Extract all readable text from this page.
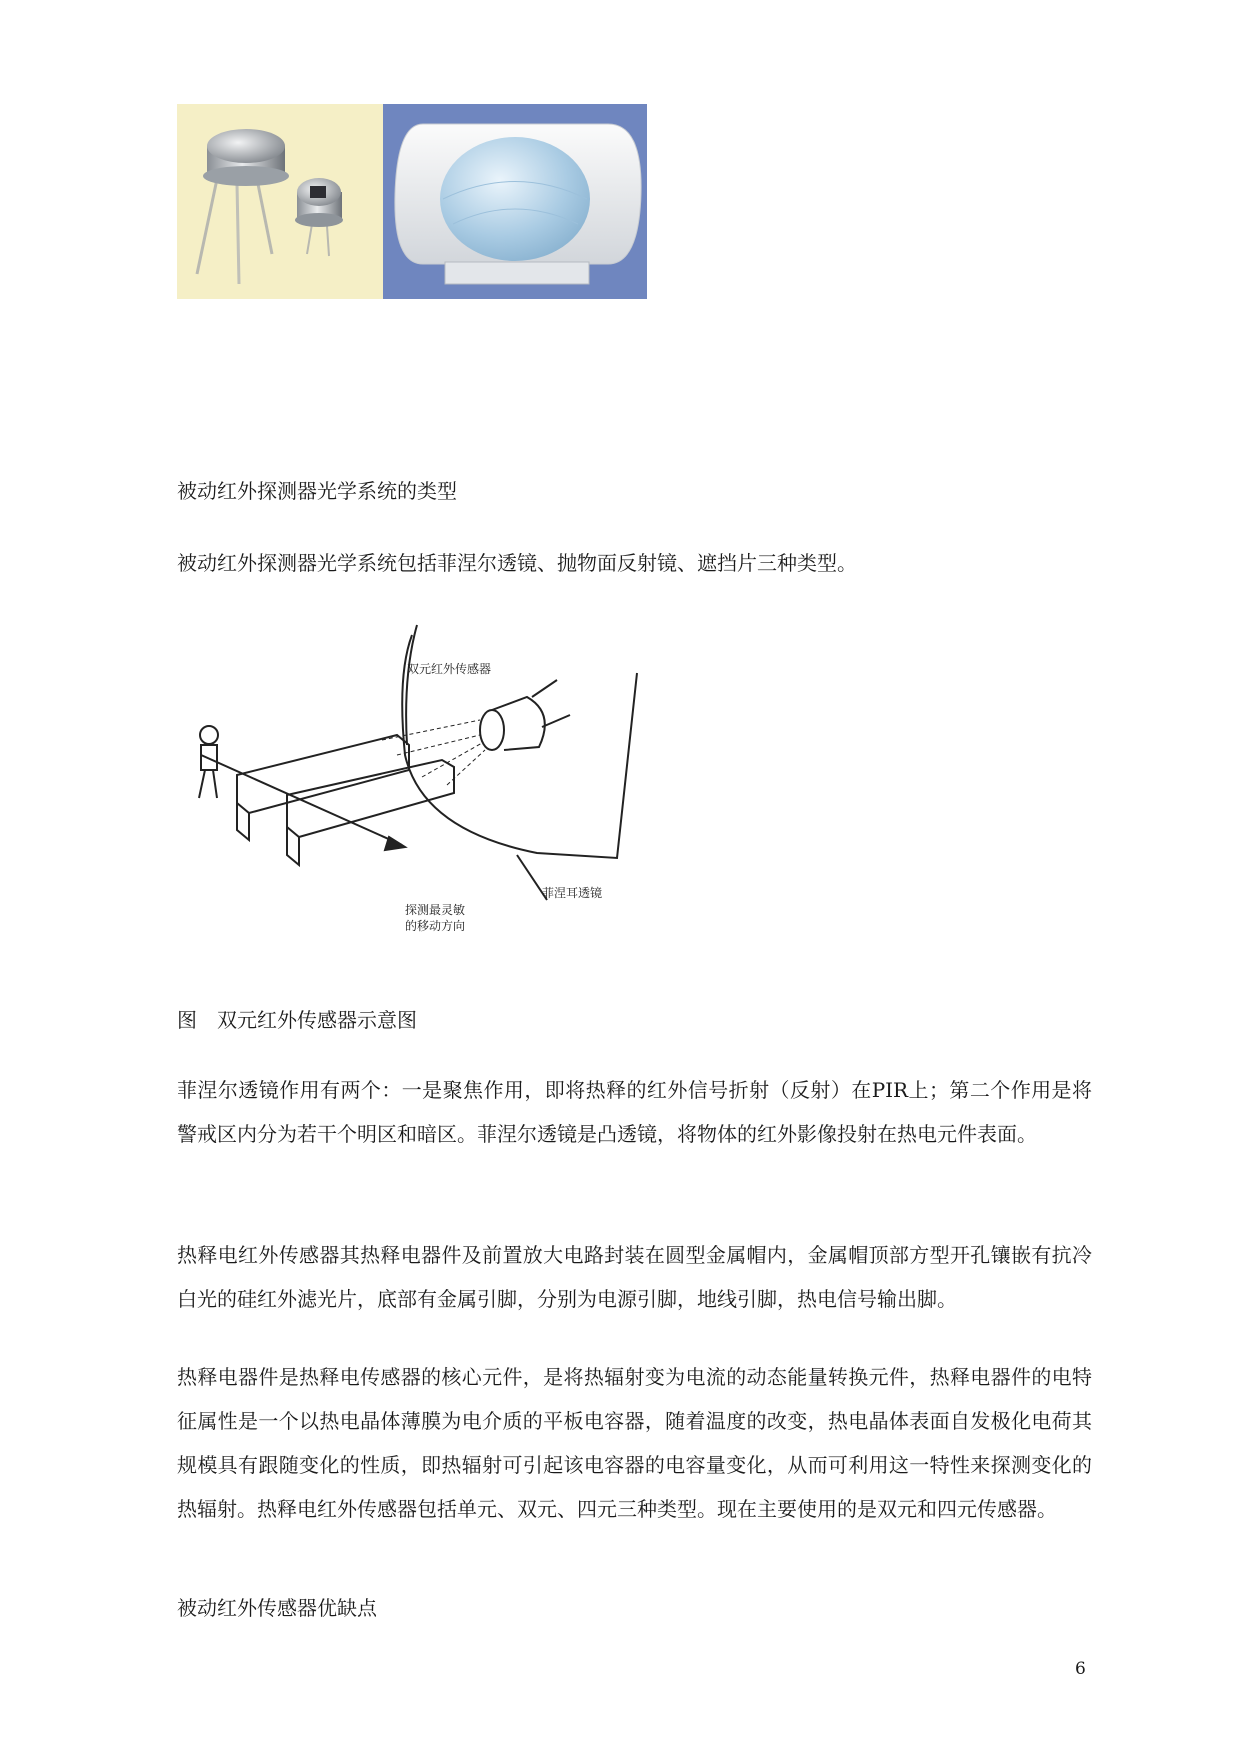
被动红外探测器光学系统的类型
被动红外探测器光学系统包括菲涅尔透镜、抛物面反射镜、遮挡片三种类型。
双元红外传感器
菲涅耳透镜
探测最灵敏
的移动方向
图　双元红外传感器示意图
菲涅尔透镜作用有两个：一是聚焦作用，即将热释的红外信号折射（反射）在PIR上；第二个作用是将警戒区内分为若干个明区和暗区。菲涅尔透镜是凸透镜，将物体的红外影像投射在热电元件表面。
热释电红外传感器其热释电器件及前置放大电路封装在圆型金属帽内，金属帽顶部方型开孔镶嵌有抗冷白光的硅红外滤光片，底部有金属引脚，分别为电源引脚，地线引脚，热电信号输出脚。
热释电器件是热释电传感器的核心元件，是将热辐射变为电流的动态能量转换元件，热释电器件的电特征属性是一个以热电晶体薄膜为电介质的平板电容器，随着温度的改变，热电晶体表面自发极化电荷其规模具有跟随变化的性质，即热辐射可引起该电容器的电容量变化，从而可利用这一特性来探测变化的热辐射。热释电红外传感器包括单元、双元、四元三种类型。现在主要使用的是双元和四元传感器。
被动红外传感器优缺点
6
